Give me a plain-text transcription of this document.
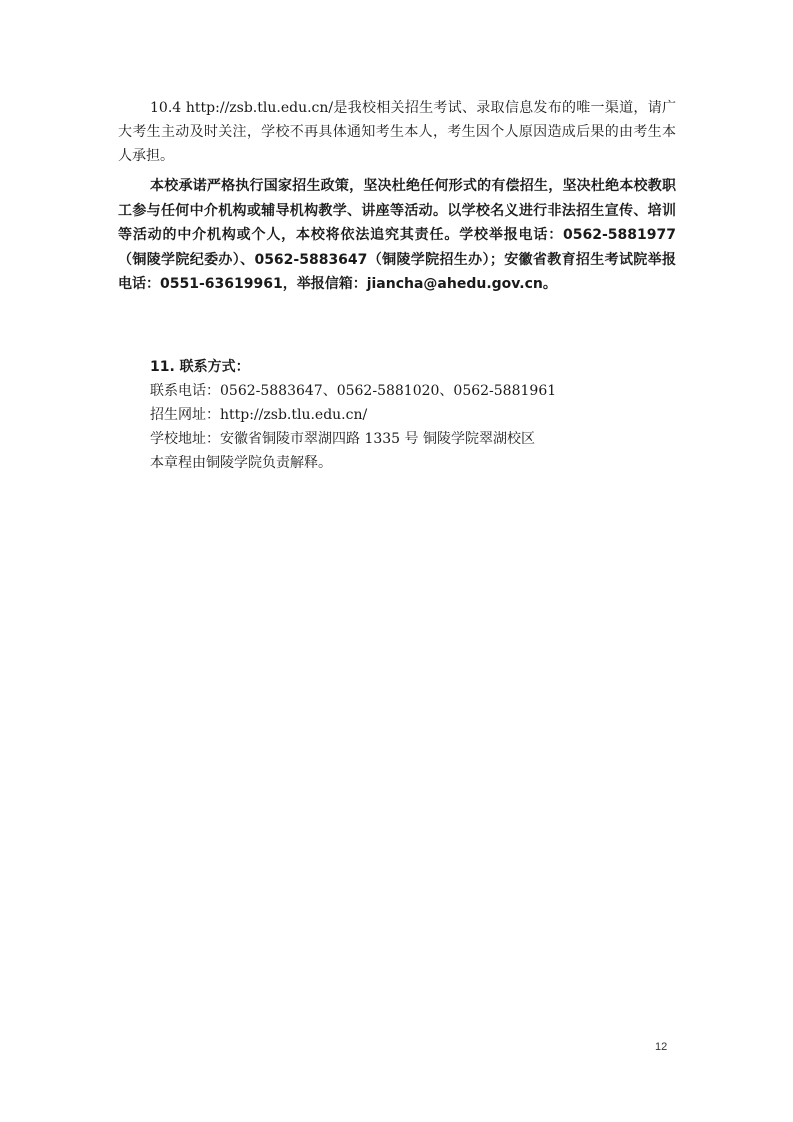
10.4 http://zsb.tlu.edu.cn/是我校相关招生考试、录取信息发布的唯一渠道，请广大考生主动及时关注，学校不再具体通知考生本人，考生因个人原因造成后果的由考生本人承担。

本校承诺严格执行国家招生政策，坚决杜绝任何形式的有偿招生，坚决杜绝本校教职工参与任何中介机构或辅导机构教学、讲座等活动。以学校名义进行非法招生宣传、培训等活动的中介机构或个人，本校将依法追究其责任。学校举报电话：0562-5881977（铜陵学院纪委办）、0562-5883647（铜陵学院招生办）；安徽省教育招生考试院举报电话：0551-63619961，举报信箱：jiancha@ahedu.gov.cn。

11. 联系方式：

联系电话：0562-5883647、0562-5881020、0562-5881961

招生网址：http://zsb.tlu.edu.cn/

学校地址：安徽省铜陵市翠湖四路 1335 号 铜陵学院翠湖校区

本章程由铜陵学院负责解释。

12
